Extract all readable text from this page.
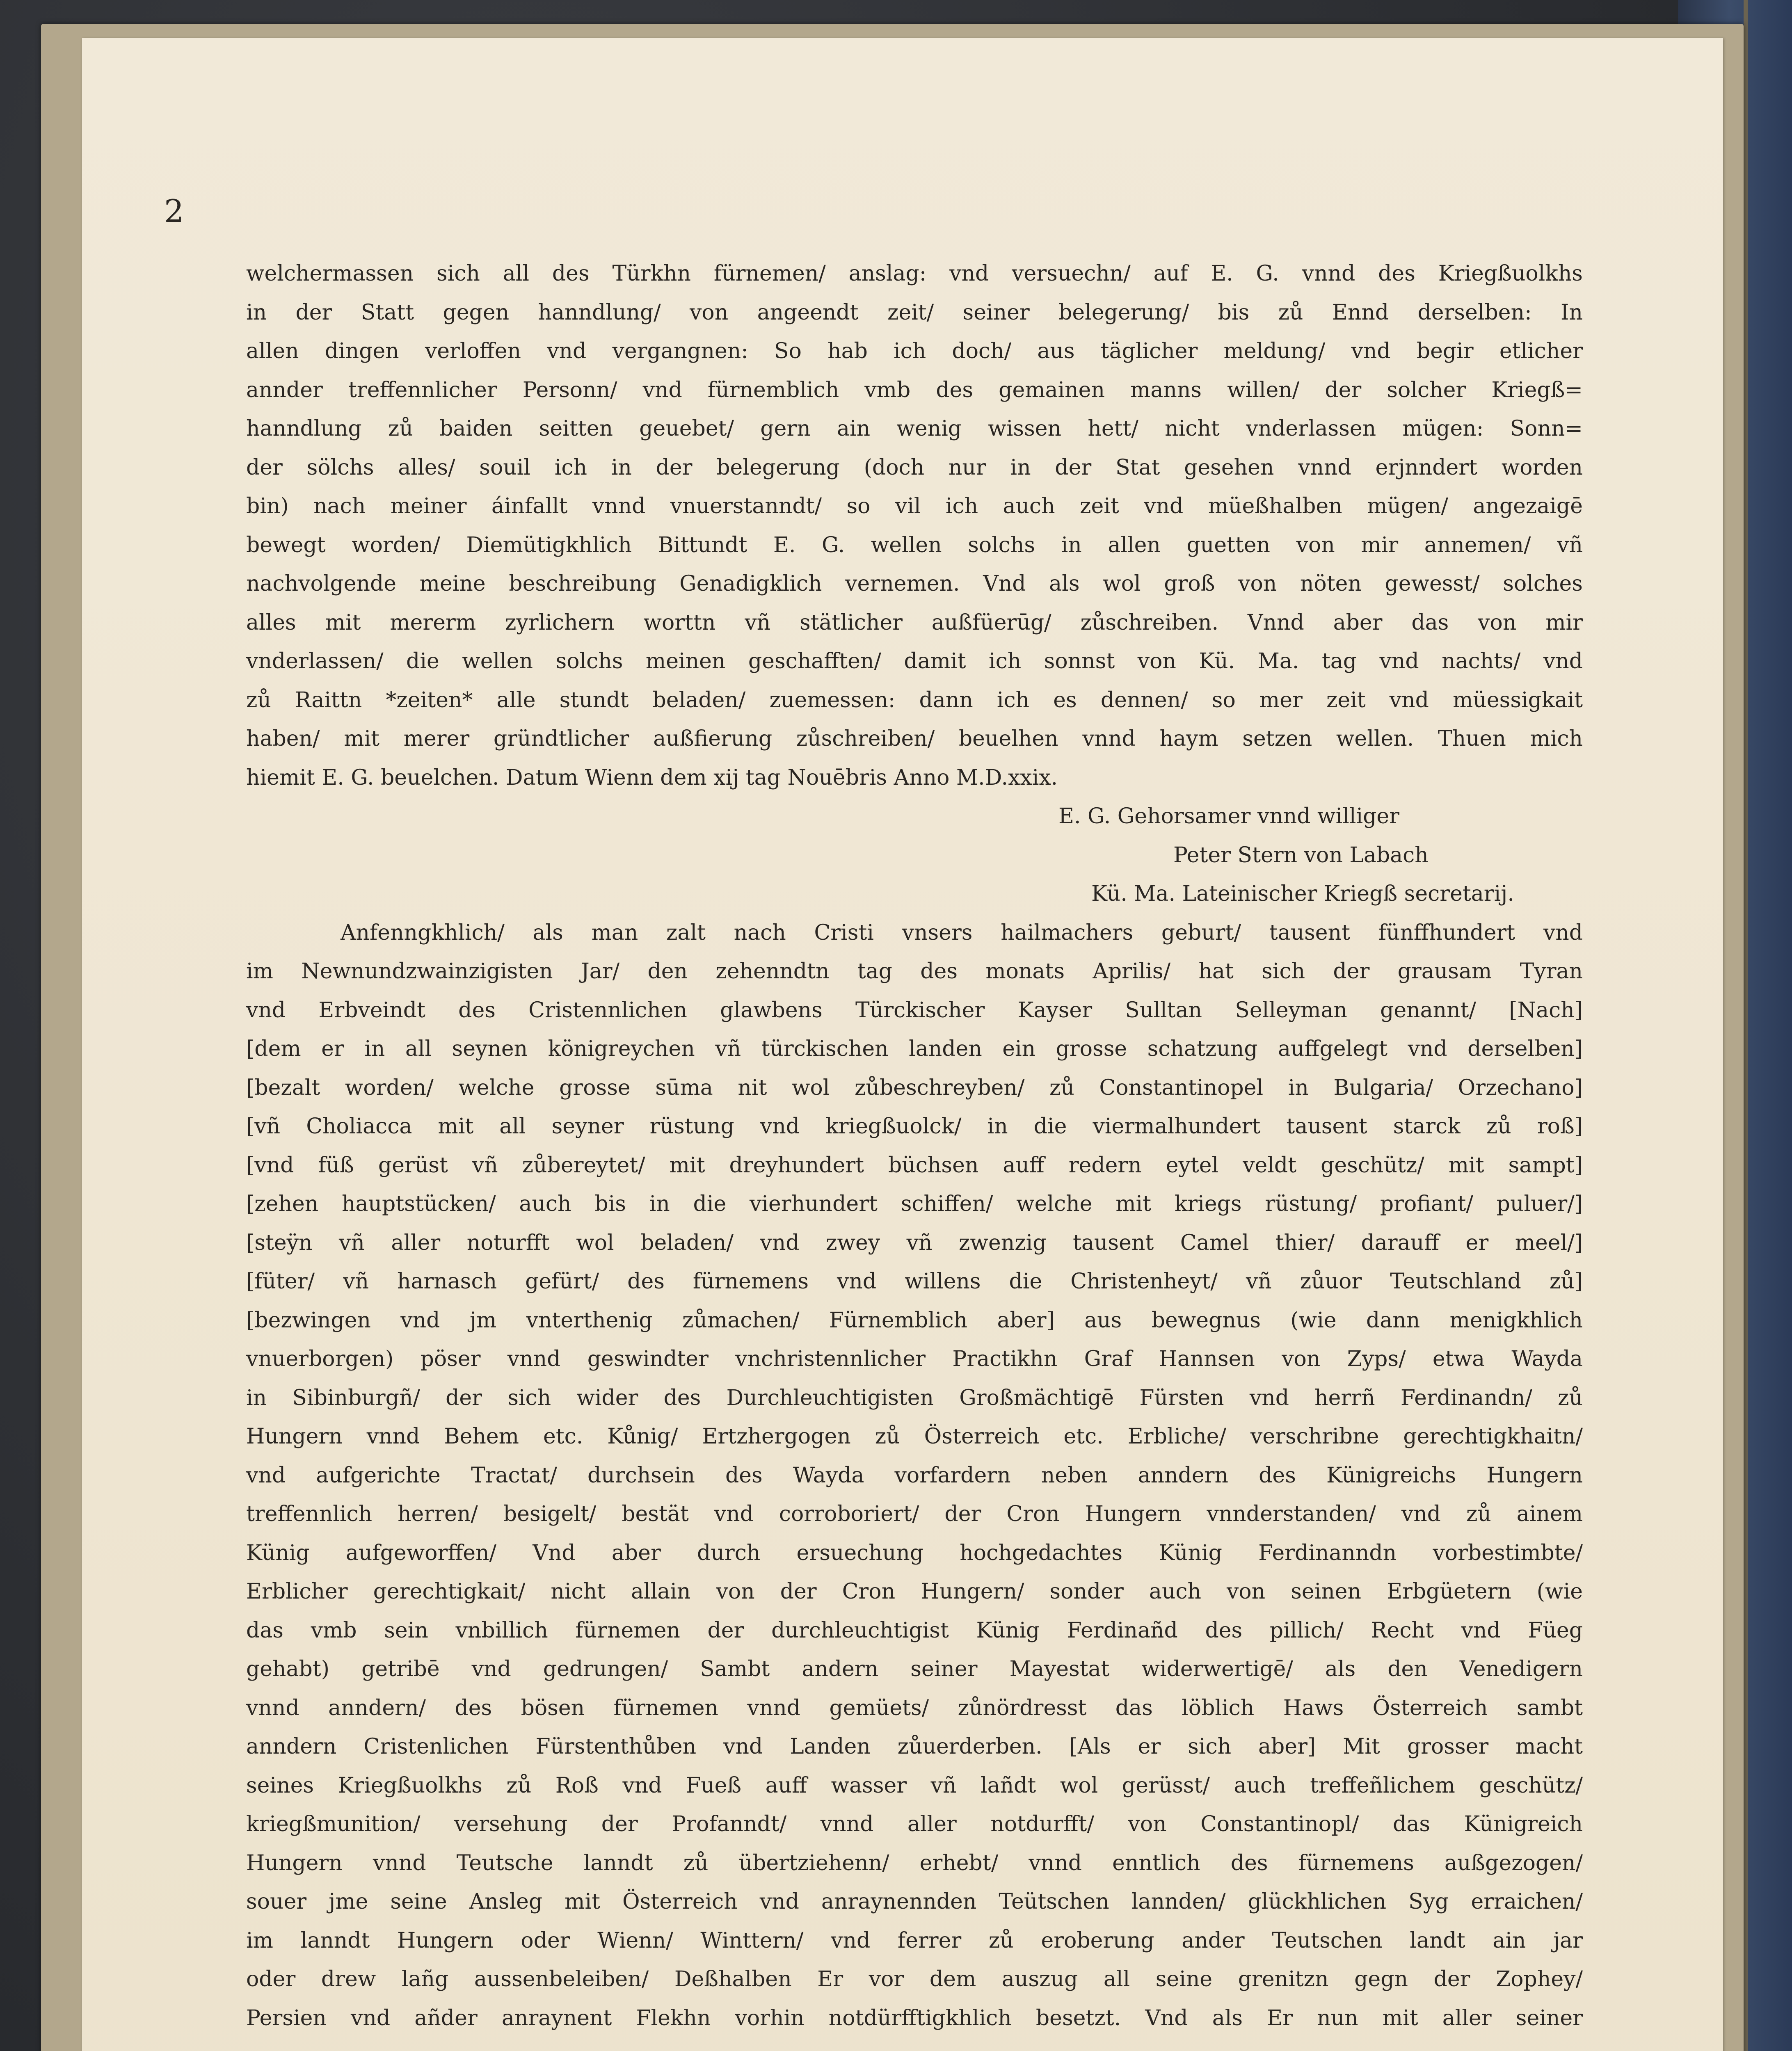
2
welchermassen sich all des Türkhn fürnemen/ anslag: vnd versuechn/ auf E. G. vnnd des Kriegßuolkhs
in der Statt gegen hanndlung/ von angeendt zeit/ seiner belegerung/ bis zů Ennd derselben: In
allen dingen verloffen vnd vergangnen: So hab ich doch/ aus täglicher meldung/ vnd begir etlicher
annder treffennlicher Personn/ vnd fürnemblich vmb des gemainen manns willen/ der solcher Kriegß=
hanndlung zů baiden seitten geuebet/ gern ain wenig wissen hett/ nicht vnderlassen mügen: Sonn=
der sölchs alles/ souil ich in der belegerung (doch nur in der Stat gesehen vnnd erjnndert worden
bin) nach meiner áinfallt vnnd vnuerstanndt/ so vil ich auch zeit vnd müeßhalben mügen/ angezaigē
bewegt worden/ Diemütigkhlich Bittundt E. G. wellen solchs in allen guetten von mir annemen/ vñ
nachvolgende meine beschreibung Genadigklich vernemen. Vnd als wol groß von nöten gewesst/ solches
alles mit mererm zyrlichern worttn vñ stätlicher außfüerūg/ zůschreiben. Vnnd aber das von mir
vnderlassen/ die wellen solchs meinen geschafften/ damit ich sonnst von Kü. Ma. tag vnd nachts/ vnd
zů Raittn *zeiten* alle stundt beladen/ zuemessen: dann ich es dennen/ so mer zeit vnd müessigkait
haben/ mit merer gründtlicher außfierung zůschreiben/ beuelhen vnnd haym setzen wellen. Thuen mich
hiemit E. G. beuelchen. Datum Wienn dem xij tag Nouēbris Anno M.D.xxix.
E. G. Gehorsamer vnnd williger
Peter Stern von Labach
Kü. Ma. Lateinischer Kriegß secretarij.
Anfenngkhlich/ als man zalt nach Cristi vnsers hailmachers geburt/ tausent fünffhundert vnd
im Newnundzwainzigisten Jar/ den zehenndtn tag des monats Aprilis/ hat sich der grausam Tyran
vnd Erbveindt des Cristennlichen glawbens Türckischer Kayser Sulltan Selleyman genannt/ [Nach]
[dem er in all seynen königreychen vñ türckischen landen ein grosse schatzung auffgelegt vnd derselben]
[bezalt worden/ welche grosse sūma nit wol zůbeschreyben/ zů Constantinopel in Bulgaria/ Orzechano]
[vñ Choliacca mit all seyner rüstung vnd kriegßuolck/ in die viermalhundert tausent starck zů roß]
[vnd füß gerüst vñ zůbereytet/ mit dreyhundert büchsen auff redern eytel veldt geschütz/ mit sampt]
[zehen hauptstücken/ auch bis in die vierhundert schiffen/ welche mit kriegs rüstung/ profiant/ puluer/]
[steÿn vñ aller noturfft wol beladen/ vnd zwey vñ zwenzig tausent Camel thier/ darauff er meel/]
[füter/ vñ harnasch gefürt/ des fürnemens vnd willens die Christenheyt/ vñ zůuor Teutschland zů]
[bezwingen vnd jm vnterthenig zůmachen/ Fürnemblich aber] aus bewegnus (wie dann menigkhlich
vnuerborgen) pöser vnnd geswindter vnchristennlicher Practikhn Graf Hannsen von Zyps/ etwa Wayda
in Sibinburgñ/ der sich wider des Durchleuchtigisten Großmächtigē Fürsten vnd herrñ Ferdinandn/ zů
Hungern vnnd Behem etc. Kůnig/ Ertzhergogen zů Österreich etc. Erbliche/ verschribne gerechtigkhaitn/
vnd aufgerichte Tractat/ durchsein des Wayda vorfardern neben anndern des Künigreichs Hungern
treffennlich herren/ besigelt/ bestät vnd corroboriert/ der Cron Hungern vnnderstanden/ vnd zů ainem
Künig aufgeworffen/ Vnd aber durch ersuechung hochgedachtes Künig Ferdinanndn vorbestimbte/
Erblicher gerechtigkait/ nicht allain von der Cron Hungern/ sonder auch von seinen Erbgüetern (wie
das vmb sein vnbillich fürnemen der durchleuchtigist Künig Ferdinañd des pillich/ Recht vnd Füeg
gehabt) getribē vnd gedrungen/ Sambt andern seiner Mayestat widerwertigē/ als den Venedigern
vnnd anndern/ des bösen fürnemen vnnd gemüets/ zůnördresst das löblich Haws Österreich sambt
anndern Cristenlichen Fürstenthůben vnd Landen zůuerderben. [Als er sich aber] Mit grosser macht
seines Kriegßuolkhs zů Roß vnd Fueß auff wasser vñ lañdt wol gerüsst/ auch treffeñlichem geschütz/
kriegßmunition/ versehung der Profanndt/ vnnd aller notdurfft/ von Constantinopl/ das Künigreich
Hungern vnnd Teutsche lanndt zů übertziehenn/ erhebt/ vnnd enntlich des fürnemens außgezogen/
souer jme seine Ansleg mit Österreich vnd anraynennden Teütschen lannden/ glückhlichen Syg erraichen/
im lanndt Hungern oder Wienn/ Winttern/ vnd ferrer zů eroberung ander Teutschen landt ain jar
oder drew lañg aussenbeleiben/ Deßhalben Er vor dem auszug all seine grenitzn gegn der Zophey/
Persien vnd añder anraynent Flekhn vorhin notdürfftigkhlich besetzt. Vnd als Er nun mit aller seiner
